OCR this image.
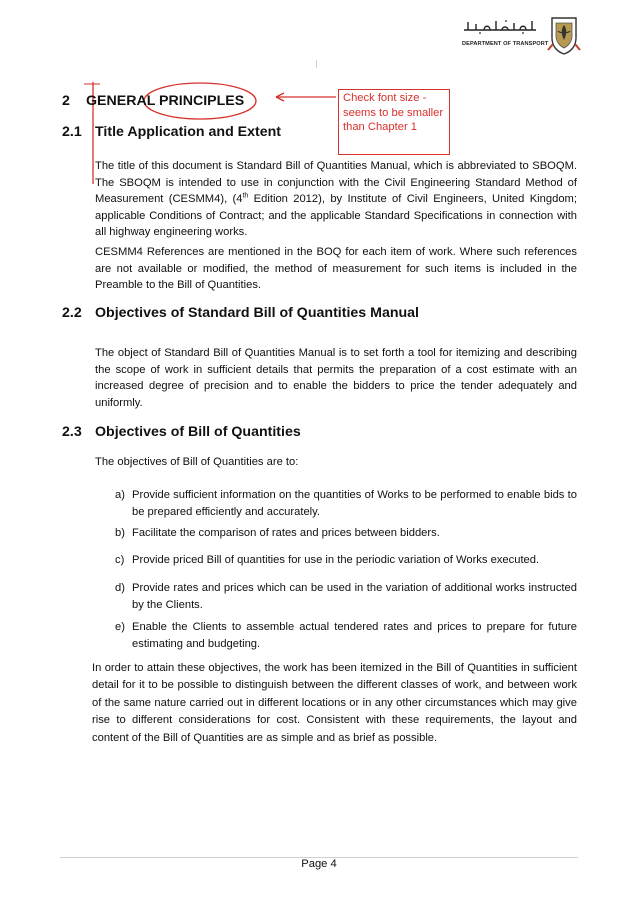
DEPARTMENT OF TRANSPORT
Check font size - seems to be smaller than Chapter 1
2 GENERAL PRINCIPLES
2.1 Title Application and Extent
The title of this document is Standard Bill of Quantities Manual, which is abbreviated to SBOQM. The SBOQM is intended to use in conjunction with the Civil Engineering Standard Method of Measurement (CESMM4), (4th Edition 2012), by Institute of Civil Engineers, United Kingdom; applicable Conditions of Contract; and the applicable Standard Specifications in connection with all highway engineering works.
CESMM4 References are mentioned in the BOQ for each item of work. Where such references are not available or modified, the method of measurement for such items is included in the Preamble to the Bill of Quantities.
2.2 Objectives of Standard Bill of Quantities Manual
The object of Standard Bill of Quantities Manual is to set forth a tool for itemizing and describing the scope of work in sufficient details that permits the preparation of a cost estimate with an increased degree of precision and to enable the bidders to price the tender adequately and uniformly.
2.3 Objectives of Bill of Quantities
The objectives of Bill of Quantities are to:
a) Provide sufficient information on the quantities of Works to be performed to enable bids to be prepared efficiently and accurately.
b) Facilitate the comparison of rates and prices between bidders.
c) Provide priced Bill of quantities for use in the periodic variation of Works executed.
d) Provide rates and prices which can be used in the variation of additional works instructed by the Clients.
e) Enable the Clients to assemble actual tendered rates and prices to prepare for future estimating and budgeting.
In order to attain these objectives, the work has been itemized in the Bill of Quantities in sufficient detail for it to be possible to distinguish between the different classes of work, and between work of the same nature carried out in different locations or in any other circumstances which may give rise to different considerations for cost. Consistent with these requirements, the layout and content of the Bill of Quantities are as simple and as brief as possible.
Page 4
